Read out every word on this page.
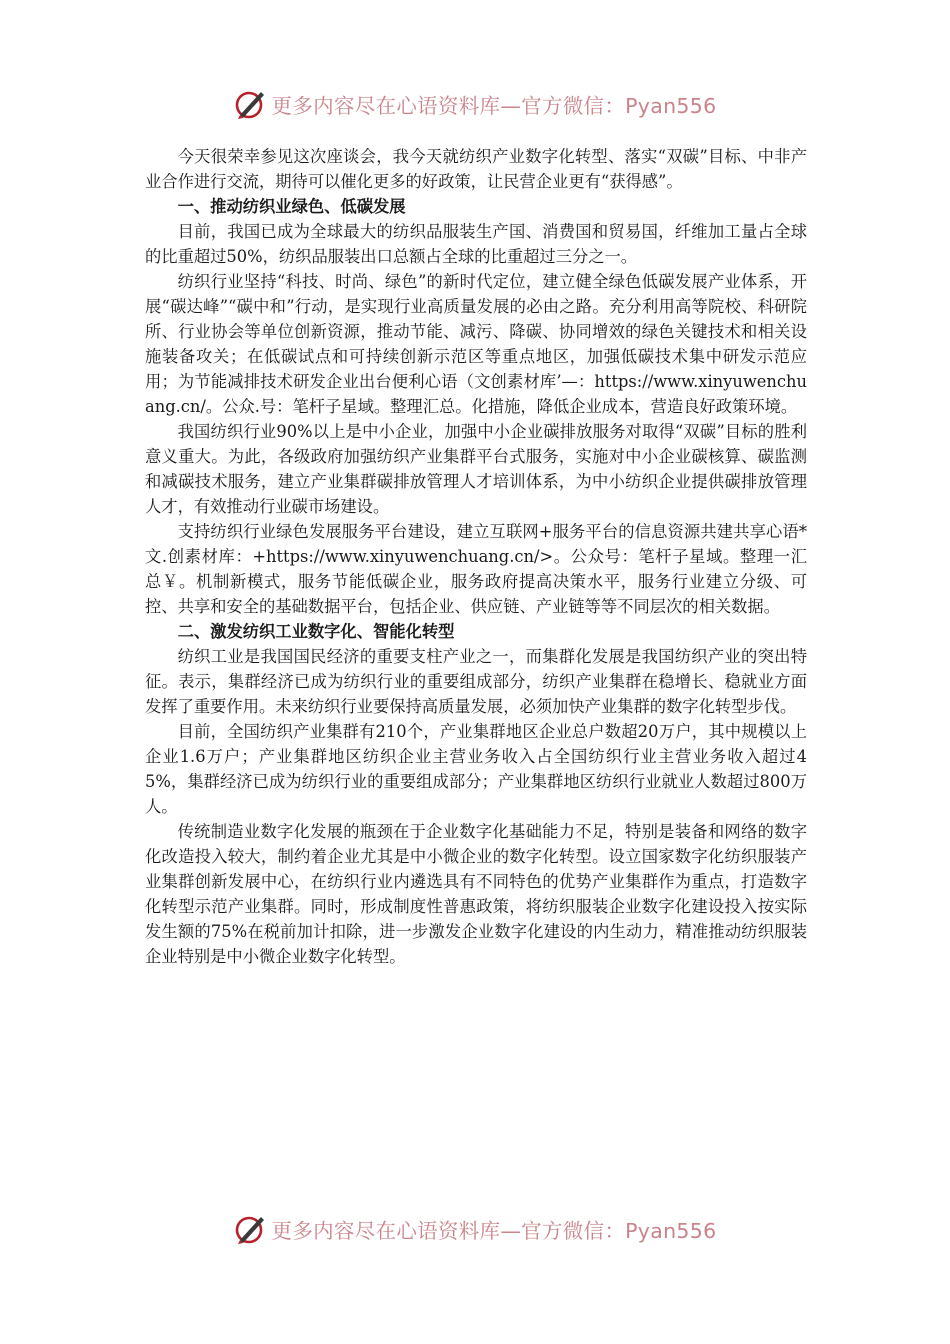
更多内容尽在心语资料库—官方微信：Pyan556

今天很荣幸参见这次座谈会，我今天就纺织产业数字化转型、落实“双碳”目标、中非产业合作进行交流，期待可以催化更多的好政策，让民营企业更有“获得感”。

一、推动纺织业绿色、低碳发展

目前，我国已成为全球最大的纺织品服装生产国、消费国和贸易国，纤维加工量占全球的比重超过50%，纺织品服装出口总额占全球的比重超过三分之一。

纺织行业坚持“科技、时尚、绿色”的新时代定位，建立健全绿色低碳发展产业体系，开展“碳达峰”“碳中和”行动，是实现行业高质量发展的必由之路。充分利用高等院校、科研院所、行业协会等单位创新资源，推动节能、减污、降碳、协同增效的绿色关键技术和相关设施装备攻关；在低碳试点和可持续创新示范区等重点地区，加强低碳技术集中研发示范应用；为节能减排技术研发企业出台便利心语（文创素材库’—：https://www.xinyuwenchuang.cn/。公众.号：笔杆子星域。整理汇总。化措施，降低企业成本，营造良好政策环境。

我国纺织行业90%以上是中小企业，加强中小企业碳排放服务对取得“双碳”目标的胜利意义重大。为此，各级政府加强纺织产业集群平台式服务，实施对中小企业碳核算、碳监测和减碳技术服务，建立产业集群碳排放管理人才培训体系，为中小纺织企业提供碳排放管理人才，有效推动行业碳市场建设。

支持纺织行业绿色发展服务平台建设，建立互联网+服务平台的信息资源共建共享心语*文.创素材库：+https://www.xinyuwenchuang.cn/>。公众号：笔杆子星域。整理一汇总￥。机制新模式，服务节能低碳企业，服务政府提高决策水平，服务行业建立分级、可控、共享和安全的基础数据平台，包括企业、供应链、产业链等等不同层次的相关数据。

二、激发纺织工业数字化、智能化转型

纺织工业是我国国民经济的重要支柱产业之一，而集群化发展是我国纺织产业的突出特征。表示，集群经济已成为纺织行业的重要组成部分，纺织产业集群在稳增长、稳就业方面发挥了重要作用。未来纺织行业要保持高质量发展，必须加快产业集群的数字化转型步伐。

目前，全国纺织产业集群有210个，产业集群地区企业总户数超20万户，其中规模以上企业1.6万户；产业集群地区纺织企业主营业务收入占全国纺织行业主营业务收入超过45%，集群经济已成为纺织行业的重要组成部分；产业集群地区纺织行业就业人数超过800万人。

传统制造业数字化发展的瓶颈在于企业数字化基础能力不足，特别是装备和网络的数字化改造投入较大，制约着企业尤其是中小微企业的数字化转型。设立国家数字化纺织服装产业集群创新发展中心，在纺织行业内遴选具有不同特色的优势产业集群作为重点，打造数字化转型示范产业集群。同时，形成制度性普惠政策，将纺织服装企业数字化建设投入按实际发生额的75%在税前加计扣除，进一步激发企业数字化建设的内生动力，精准推动纺织服装企业特别是中小微企业数字化转型。

更多内容尽在心语资料库—官方微信：Pyan556
